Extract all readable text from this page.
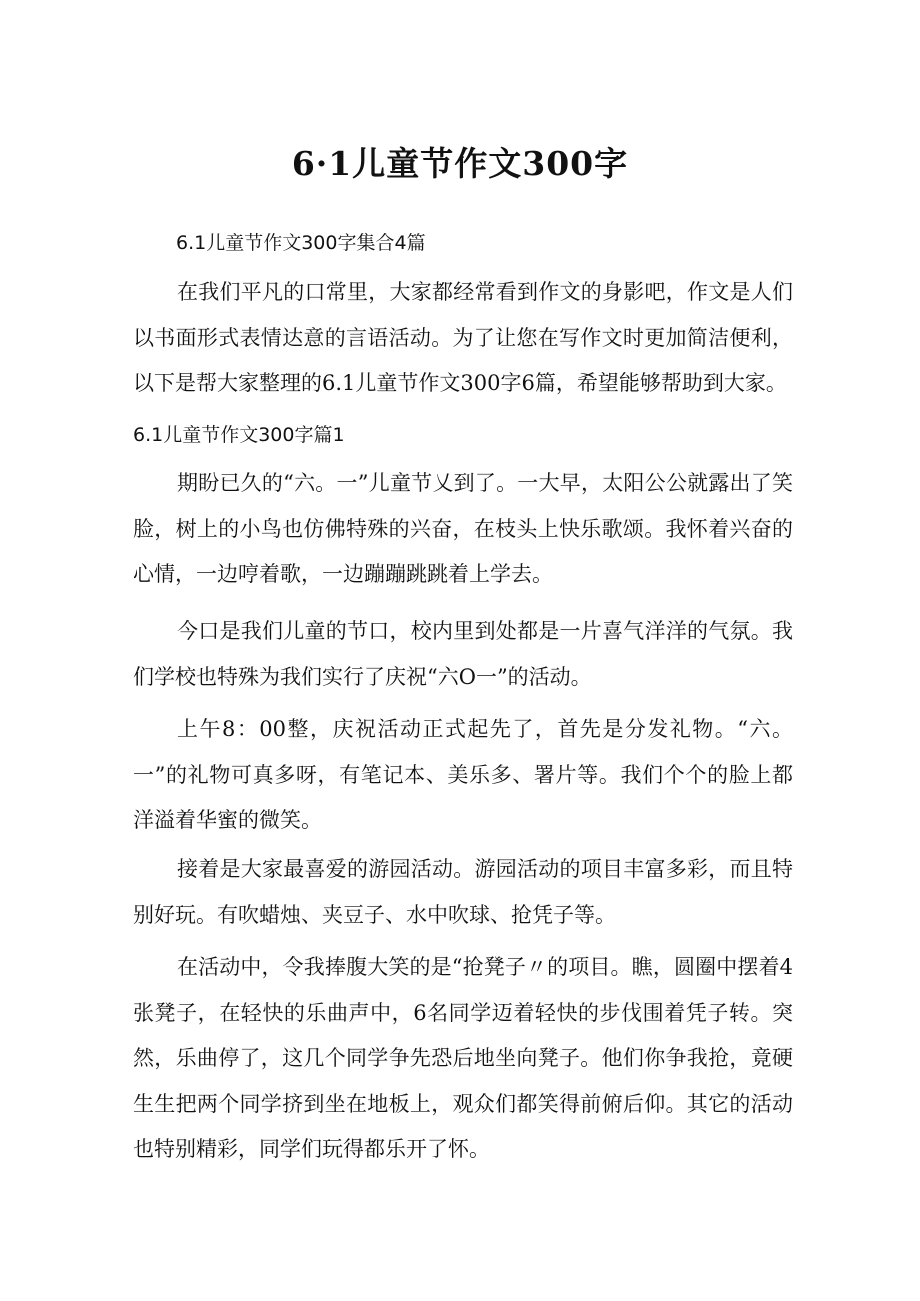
6·1儿童节作文300字

6.1儿童节作文300字集合4篇

在我们平凡的口常里，大家都经常看到作文的身影吧，作文是人们以书面形式表情达意的言语活动。为了让您在写作文时更加简洁便利，以下是帮大家整理的6.1儿童节作文300字6篇，希望能够帮助到大家。

6.1儿童节作文300字篇1

期盼已久的“六。一”儿童节乂到了。一大早，太阳公公就露出了笑脸，树上的小鸟也仿佛特殊的兴奋，在枝头上快乐歌颂。我怀着兴奋的心情，一边哼着歌，一边蹦蹦跳跳着上学去。

今口是我们儿童的节口，校内里到处都是一片喜气洋洋的气氛。我们学校也特殊为我们实行了庆祝“六O一”的活动。

上午8：00整，庆祝活动正式起先了，首先是分发礼物。“六。一”的礼物可真多呀，有笔记本、美乐多、署片等。我们个个的脸上都洋溢着华蜜的微笑。

接着是大家最喜爱的游园活动。游园活动的项目丰富多彩，而且特别好玩。有吹蜡烛、夹豆子、水中吹球、抢凭子等。

在活动中，令我捧腹大笑的是“抢凳子〃的项目。瞧，圆圈中摆着4张凳子，在轻快的乐曲声中，6名同学迈着轻快的步伐围着凭子转。突然，乐曲停了，这几个同学争先恐后地坐向凳子。他们你争我抢，竟硬生生把两个同学挤到坐在地板上，观众们都笑得前俯后仰。其它的活动也特别精彩，同学们玩得都乐开了怀。
